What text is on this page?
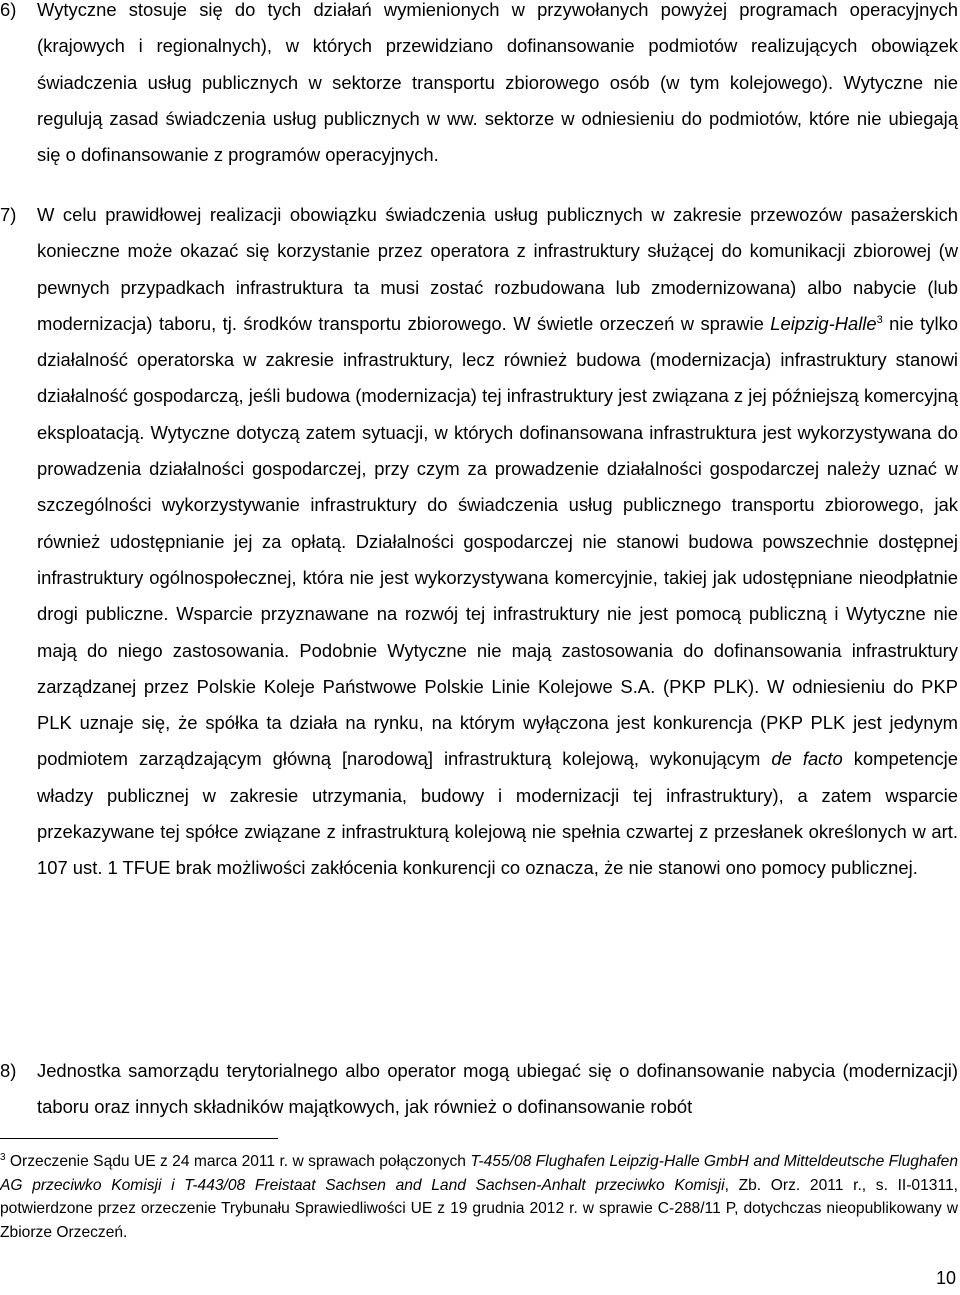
6) Wytyczne stosuje się do tych działań wymienionych w przywołanych powyżej programach operacyjnych (krajowych i regionalnych), w których przewidziano dofinansowanie podmiotów realizujących obowiązek świadczenia usług publicznych w sektorze transportu zbiorowego osób (w tym kolejowego). Wytyczne nie regulują zasad świadczenia usług publicznych w ww. sektorze w odniesieniu do podmiotów, które nie ubiegają się o dofinansowanie z programów operacyjnych.
7) W celu prawidłowej realizacji obowiązku świadczenia usług publicznych w zakresie przewozów pasażerskich konieczne może okazać się korzystanie przez operatora z infrastruktury służącej do komunikacji zbiorowej (w pewnych przypadkach infrastruktura ta musi zostać rozbudowana lub zmodernizowana) albo nabycie (lub modernizacja) taboru, tj. środków transportu zbiorowego. W świetle orzeczeń w sprawie Leipzig-Halle$^3$ nie tylko działalność operatorska w zakresie infrastruktury, lecz również budowa (modernizacja) infrastruktury stanowi działalność gospodarczą, jeśli budowa (modernizacja) tej infrastruktury jest związana z jej późniejszą komercyjną eksploatacją. Wytyczne dotyczą zatem sytuacji, w których dofinansowana infrastruktura jest wykorzystywana do prowadzenia działalności gospodarczej, przy czym za prowadzenie działalności gospodarczej należy uznać w szczególności wykorzystywanie infrastruktury do świadczenia usług publicznego transportu zbiorowego, jak również udostępnianie jej za opłatą. Działalności gospodarczej nie stanowi budowa powszechnie dostępnej infrastruktury ogólnospołecznej, która nie jest wykorzystywana komercyjnie, takiej jak udostępniane nieodpłatnie drogi publiczne. Wsparcie przyznawane na rozwój tej infrastruktury nie jest pomocą publiczną i Wytyczne nie mają do niego zastosowania. Podobnie Wytyczne nie mają zastosowania do dofinansowania infrastruktury zarządzanej przez Polskie Koleje Państwowe Polskie Linie Kolejowe S.A. (PKP PLK). W odniesieniu do PKP PLK uznaje się, że spółka ta działa na rynku, na którym wyłączona jest konkurencja (PKP PLK jest jedynym podmiotem zarządzającym główną [narodową] infrastrukturą kolejową, wykonującym de facto kompetencje władzy publicznej w zakresie utrzymania, budowy i modernizacji tej infrastruktury), a zatem wsparcie przekazywane tej spółce związane z infrastrukturą kolejową nie spełnia czwartej z przesłanek określonych w art. 107 ust. 1 TFUE brak możliwości zakłócenia konkurencji co oznacza, że nie stanowi ono pomocy publicznej.
8) Jednostka samorządu terytorialnego albo operator mogą ubiegać się o dofinansowanie nabycia (modernizacji) taboru oraz innych składników majątkowych, jak również o dofinansowanie robót
$^3$ Orzeczenie Sądu UE z 24 marca 2011 r. w sprawach połączonych T-455/08 Flughafen Leipzig-Halle GmbH and Mitteldeutsche Flughafen AG przeciwko Komisji i T-443/08 Freistaat Sachsen and Land Sachsen-Anhalt przeciwko Komisji, Zb. Orz. 2011 r., s. II-01311, potwierdzone przez orzeczenie Trybunału Sprawiedliwości UE z 19 grudnia 2012 r. w sprawie C-288/11 P, dotychczas nieopublikowany w Zbiorze Orzeczeń.
10
